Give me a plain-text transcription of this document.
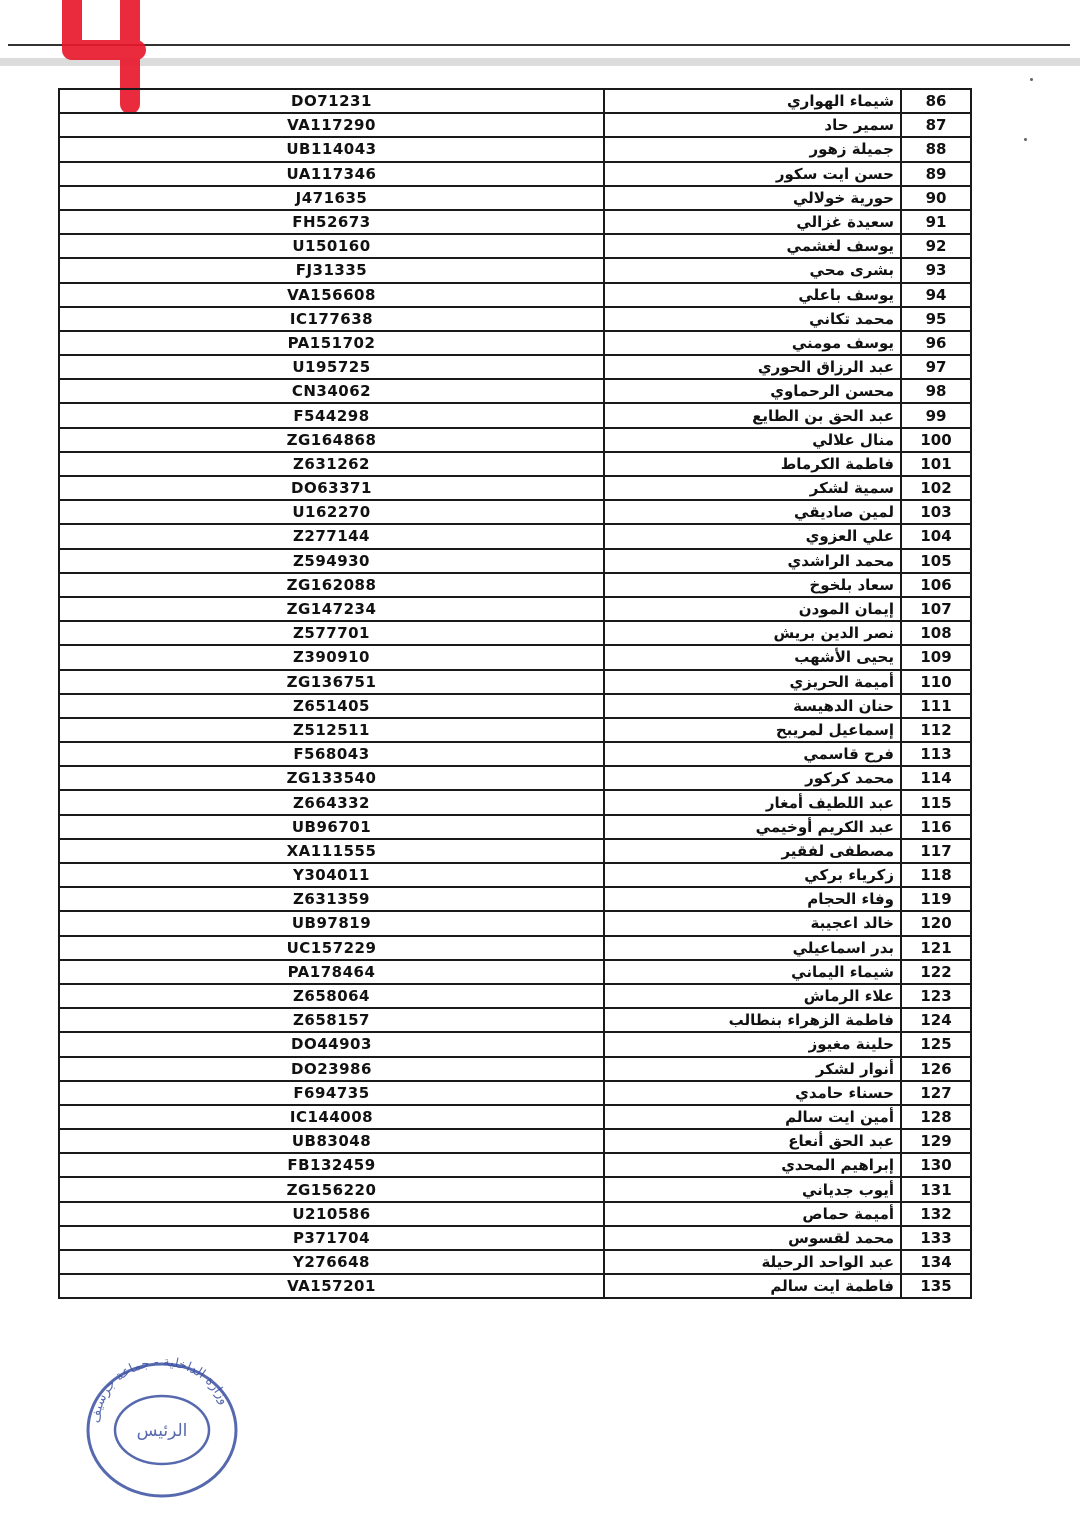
DO71231	شيماء الهواري	86
VA117290	سمير حاد	87
UB114043	جميلة زهور	88
UA117346	حسن ايت سكور	89
J471635	حورية خولالي	90
FH52673	سعيدة غزالي	91
U150160	يوسف لغشمي	92
FJ31335	بشرى محي	93
VA156608	يوسف باعلي	94
IC177638	محمد تكاني	95
PA151702	يوسف مومني	96
U195725	عبد الرزاق الحوري	97
CN34062	محسن الرحماوي	98
F544298	عبد الحق بن الطايع	99
ZG164868	منال علالي	100
Z631262	فاطمة الكرماط	101
DO63371	سمية لشكر	102
U162270	لمين صاديقي	103
Z277144	علي العزوي	104
Z594930	محمد الراشدي	105
ZG162088	سعاد بلخوخ	106
ZG147234	إيمان المودن	107
Z577701	نصر الدين بريش	108
Z390910	يحيى الأشهب	109
ZG136751	أميمة الحريزي	110
Z651405	حنان الدهيسة	111
Z512511	إسماعيل لمريبح	112
F568043	فرح قاسمي	113
ZG133540	محمد كركور	114
Z664332	عبد اللطيف أمغار	115
UB96701	عبد الكريم أوخيمي	116
XA111555	مصطفى لفقير	117
Y304011	زكرياء بركي	118
Z631359	وفاء الحجام	119
UB97819	خالد اعجيبة	120
UC157229	بدر اسماعيلي	121
PA178464	شيماء اليماني	122
Z658064	علاء الرماش	123
Z658157	فاطمة الزهراء بنطالب	124
DO44903	حلينة مغيوز	125
DO23986	أنوار لشكر	126
F694735	حسناء حامدي	127
IC144008	أمين ايت سالم	128
UB83048	عبد الحق أنعاع	129
FB132459	إبراهيم المحدي	130
ZG156220	أيوب جدياني	131
U210586	أميمة حماص	132
P371704	محمد لقسوس	133
Y276648	عبد الواحد الرحيلة	134
VA157201	فاطمة ايت سالم	135
وزارة الداخلية - جماعة جرسيف
الرئيس
